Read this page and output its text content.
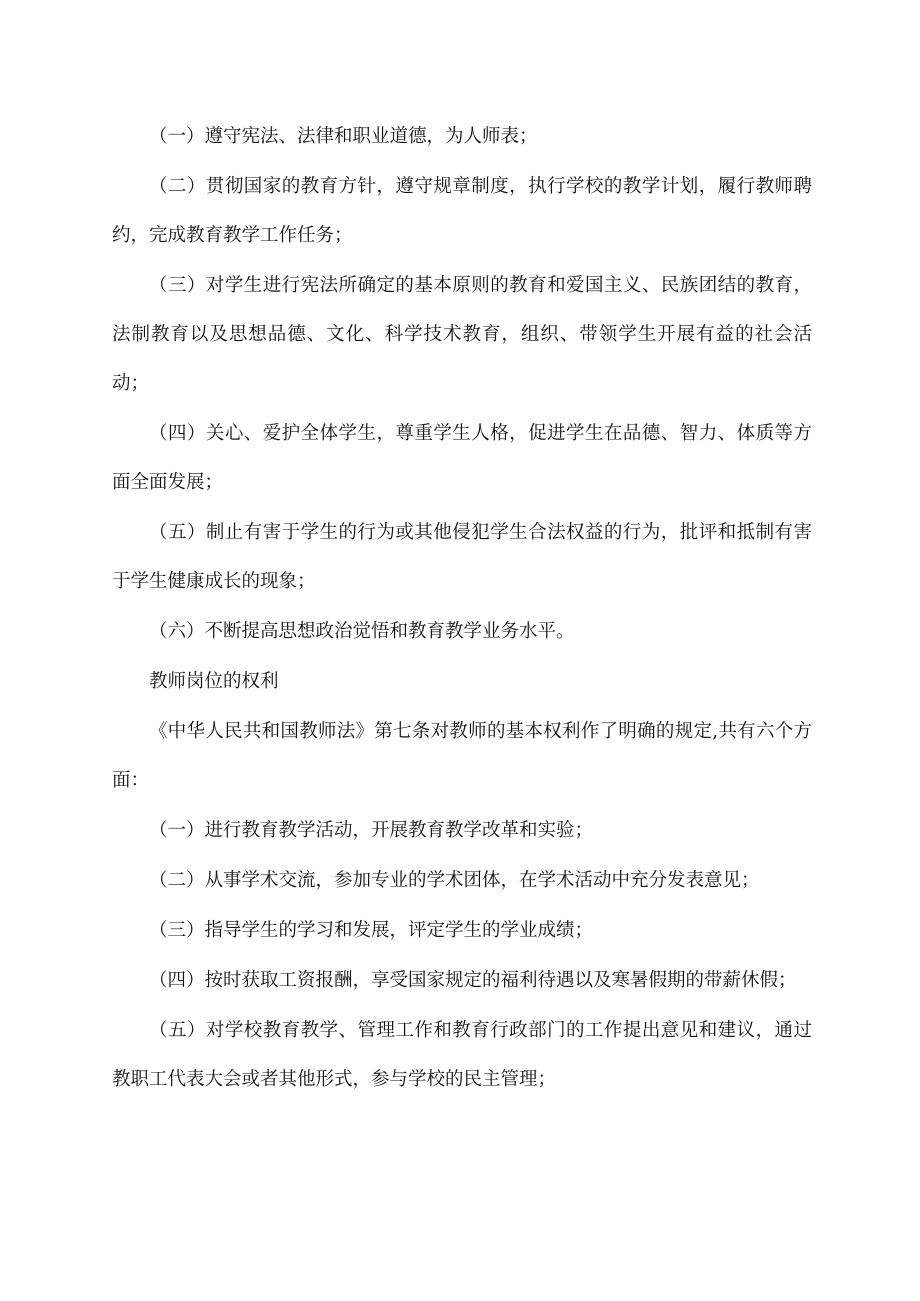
（一）遵守宪法、法律和职业道德，为人师表；

（二）贯彻国家的教育方针，遵守规章制度，执行学校的教学计划，履行教师聘约，完成教育教学工作任务；

（三）对学生进行宪法所确定的基本原则的教育和爱国主义、民族团结的教育，法制教育以及思想品德、文化、科学技术教育，组织、带领学生开展有益的社会活动；

（四）关心、爱护全体学生，尊重学生人格，促进学生在品德、智力、体质等方面全面发展；

（五）制止有害于学生的行为或其他侵犯学生合法权益的行为，批评和抵制有害于学生健康成长的现象；

（六）不断提高思想政治觉悟和教育教学业务水平。

教师岗位的权利

《中华人民共和国教师法》第七条对教师的基本权利作了明确的规定,共有六个方面：

（一）进行教育教学活动，开展教育教学改革和实验；

（二）从事学术交流，参加专业的学术团体，在学术活动中充分发表意见；

（三）指导学生的学习和发展，评定学生的学业成绩；

（四）按时获取工资报酬，享受国家规定的福利待遇以及寒暑假期的带薪休假；

（五）对学校教育教学、管理工作和教育行政部门的工作提出意见和建议，通过教职工代表大会或者其他形式，参与学校的民主管理；
